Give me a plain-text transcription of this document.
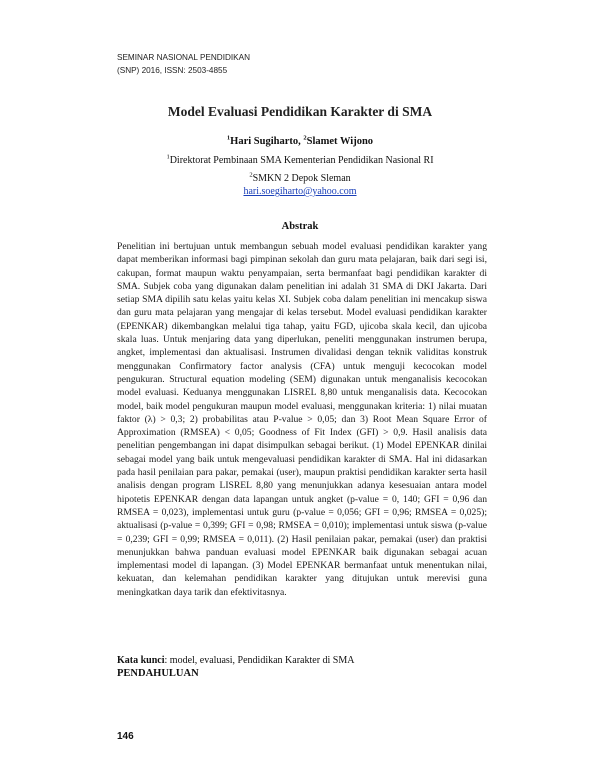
SEMINAR NASIONAL PENDIDIKAN
(SNP) 2016, ISSN: 2503-4855
Model Evaluasi Pendidikan Karakter di SMA
$^1$Hari Sugiharto, $^2$Slamet Wijono
$^1$Direktorat Pembinaan SMA Kementerian Pendidikan Nasional RI
$^2$SMKN 2 Depok Sleman
hari.soegiharto@yahoo.com
Abstrak

Penelitian ini bertujuan untuk membangun sebuah model evaluasi pendidikan karakter yang dapat memberikan informasi bagi pimpinan sekolah dan guru mata pelajaran, baik dari segi isi, cakupan, format maupun waktu penyampaian, serta bermanfaat bagi pendidikan karakter di SMA. Subjek coba yang digunakan dalam penelitian ini adalah 31 SMA di DKI Jakarta. Dari setiap SMA dipilih satu kelas yaitu kelas XI. Subjek coba dalam penelitian ini mencakup siswa dan guru mata pelajaran yang mengajar di kelas tersebut. Model evaluasi pendidikan karakter (EPENKAR) dikembangkan melalui tiga tahap, yaitu FGD, ujicoba skala kecil, dan ujicoba skala luas. Untuk menjaring data yang diperlukan, peneliti menggunakan instrumen berupa, angket, implementasi dan aktualisasi. Instrumen divalidasi dengan teknik validitas konstruk menggunakan Confirmatory factor analysis (CFA) untuk menguji kecocokan model pengukuran. Structural equation modeling (SEM) digunakan untuk menganalisis kecocokan model evaluasi. Keduanya menggunakan LISREL 8,80 untuk menganalisis data. Kecocokan model, baik model pengukuran maupun model evaluasi, menggunakan kriteria: 1) nilai muatan faktor (λ) > 0,3; 2) probabilitas atau P-value > 0,05; dan 3) Root Mean Square Error of Approximation (RMSEA) < 0,05; Goodness of Fit Index (GFI) > 0,9. Hasil analisis data penelitian pengembangan ini dapat disimpulkan sebagai berikut. (1) Model EPENKAR dinilai sebagai model yang baik untuk mengevaluasi pendidikan karakter di SMA. Hal ini didasarkan pada hasil penilaian para pakar, pemakai (user), maupun praktisi pendidikan karakter serta hasil analisis dengan program LISREL 8,80 yang menunjukkan adanya kesesuaian antara model hipotetis EPENKAR dengan data lapangan untuk angket (p-value = 0, 140; GFI = 0,96 dan RMSEA = 0,023), implementasi untuk guru (p-value = 0,056; GFI = 0,96; RMSEA = 0,025); aktualisasi (p-value = 0,399; GFI = 0,98; RMSEA = 0,010); implementasi untuk siswa (p-value = 0,239; GFI = 0,99; RMSEA = 0,011). (2) Hasil penilaian pakar, pemakai (user) dan praktisi menunjukkan bahwa panduan evaluasi model EPENKAR baik digunakan sebagai acuan implementasi model di lapangan. (3) Model EPENKAR bermanfaat untuk menentukan nilai, kekuatan, dan kelemahan pendidikan karakter yang ditujukan untuk merevisi guna meningkatkan daya tarik dan efektivitasnya.

Kata kunci: model, evaluasi, Pendidikan Karakter di SMA
PENDAHULUAN
146
